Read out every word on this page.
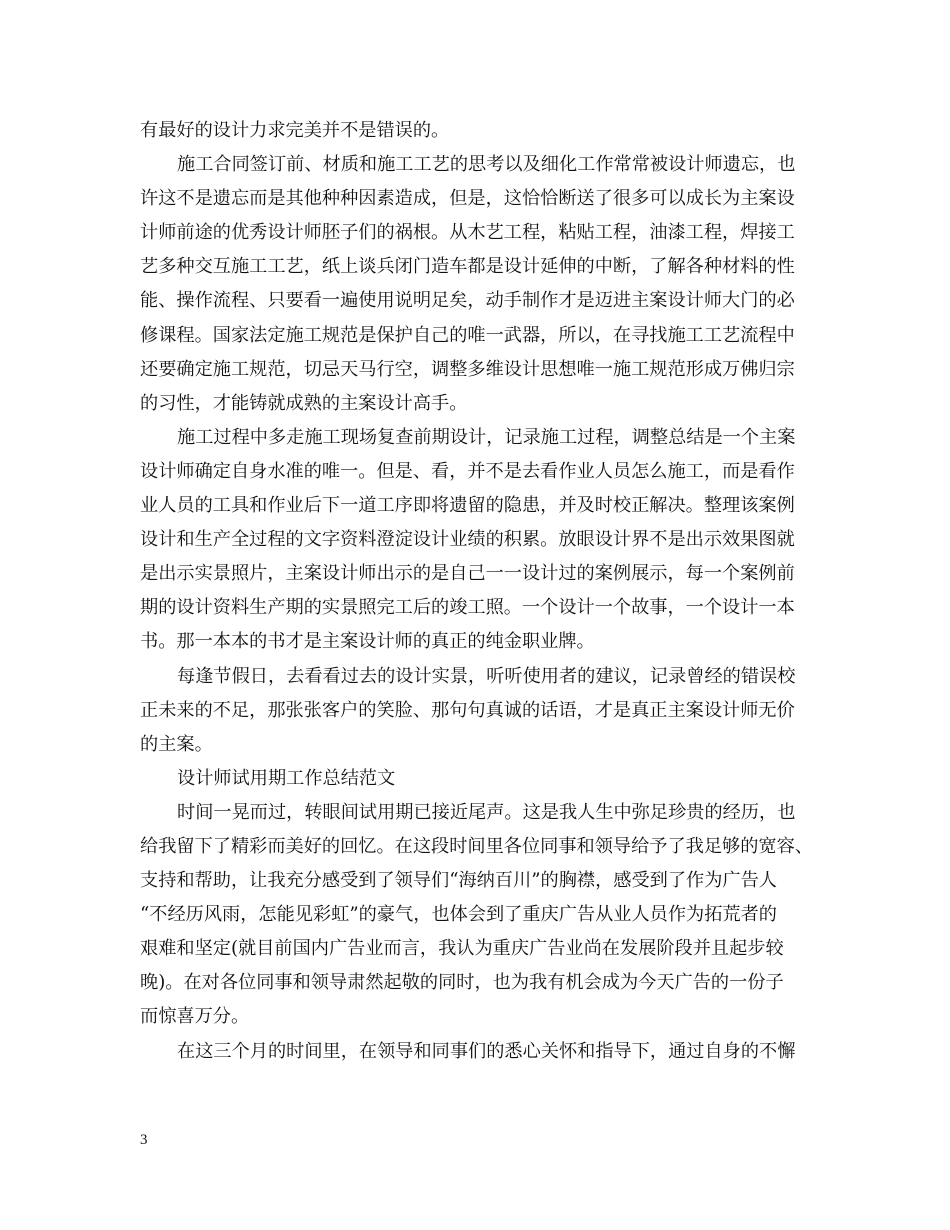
有最好的设计力求完美并不是错误的。
施工合同签订前、材质和施工工艺的思考以及细化工作常常被设计师遗忘，也
许这不是遗忘而是其他种种因素造成，但是，这恰恰断送了很多可以成长为主案设
计师前途的优秀设计师胚子们的祸根。从木艺工程，粘贴工程，油漆工程，焊接工
艺多种交互施工工艺，纸上谈兵闭门造车都是设计延伸的中断，了解各种材料的性
能、操作流程、只要看一遍使用说明足矣，动手制作才是迈进主案设计师大门的必
修课程。国家法定施工规范是保护自己的唯一武器，所以，在寻找施工工艺流程中
还要确定施工规范，切忌天马行空，调整多维设计思想唯一施工规范形成万佛归宗
的习性，才能铸就成熟的主案设计高手。
施工过程中多走施工现场复查前期设计，记录施工过程，调整总结是一个主案
设计师确定自身水准的唯一。但是、看，并不是去看作业人员怎么施工，而是看作
业人员的工具和作业后下一道工序即将遗留的隐患，并及时校正解决。整理该案例
设计和生产全过程的文字资料澄淀设计业绩的积累。放眼设计界不是出示效果图就
是出示实景照片，主案设计师出示的是自己一一设计过的案例展示，每一个案例前
期的设计资料生产期的实景照完工后的竣工照。一个设计一个故事，一个设计一本
书。那一本本的书才是主案设计师的真正的纯金职业牌。
每逢节假日，去看看过去的设计实景，听听使用者的建议，记录曾经的错误校
正未来的不足，那张张客户的笑脸、那句句真诚的话语，才是真正主案设计师无价
的主案。
设计师试用期工作总结范文
时间一晃而过，转眼间试用期已接近尾声。这是我人生中弥足珍贵的经历，也
给我留下了精彩而美好的回忆。在这段时间里各位同事和领导给予了我足够的宽容、
支持和帮助，让我充分感受到了领导们“海纳百川”的胸襟，感受到了作为广告人
“不经历风雨，怎能见彩虹”的豪气，也体会到了重庆广告从业人员作为拓荒者的
艰难和坚定(就目前国内广告业而言，我认为重庆广告业尚在发展阶段并且起步较
晚)。在对各位同事和领导肃然起敬的同时，也为我有机会成为今天广告的一份子
而惊喜万分。
在这三个月的时间里，在领导和同事们的悉心关怀和指导下，通过自身的不懈
3
